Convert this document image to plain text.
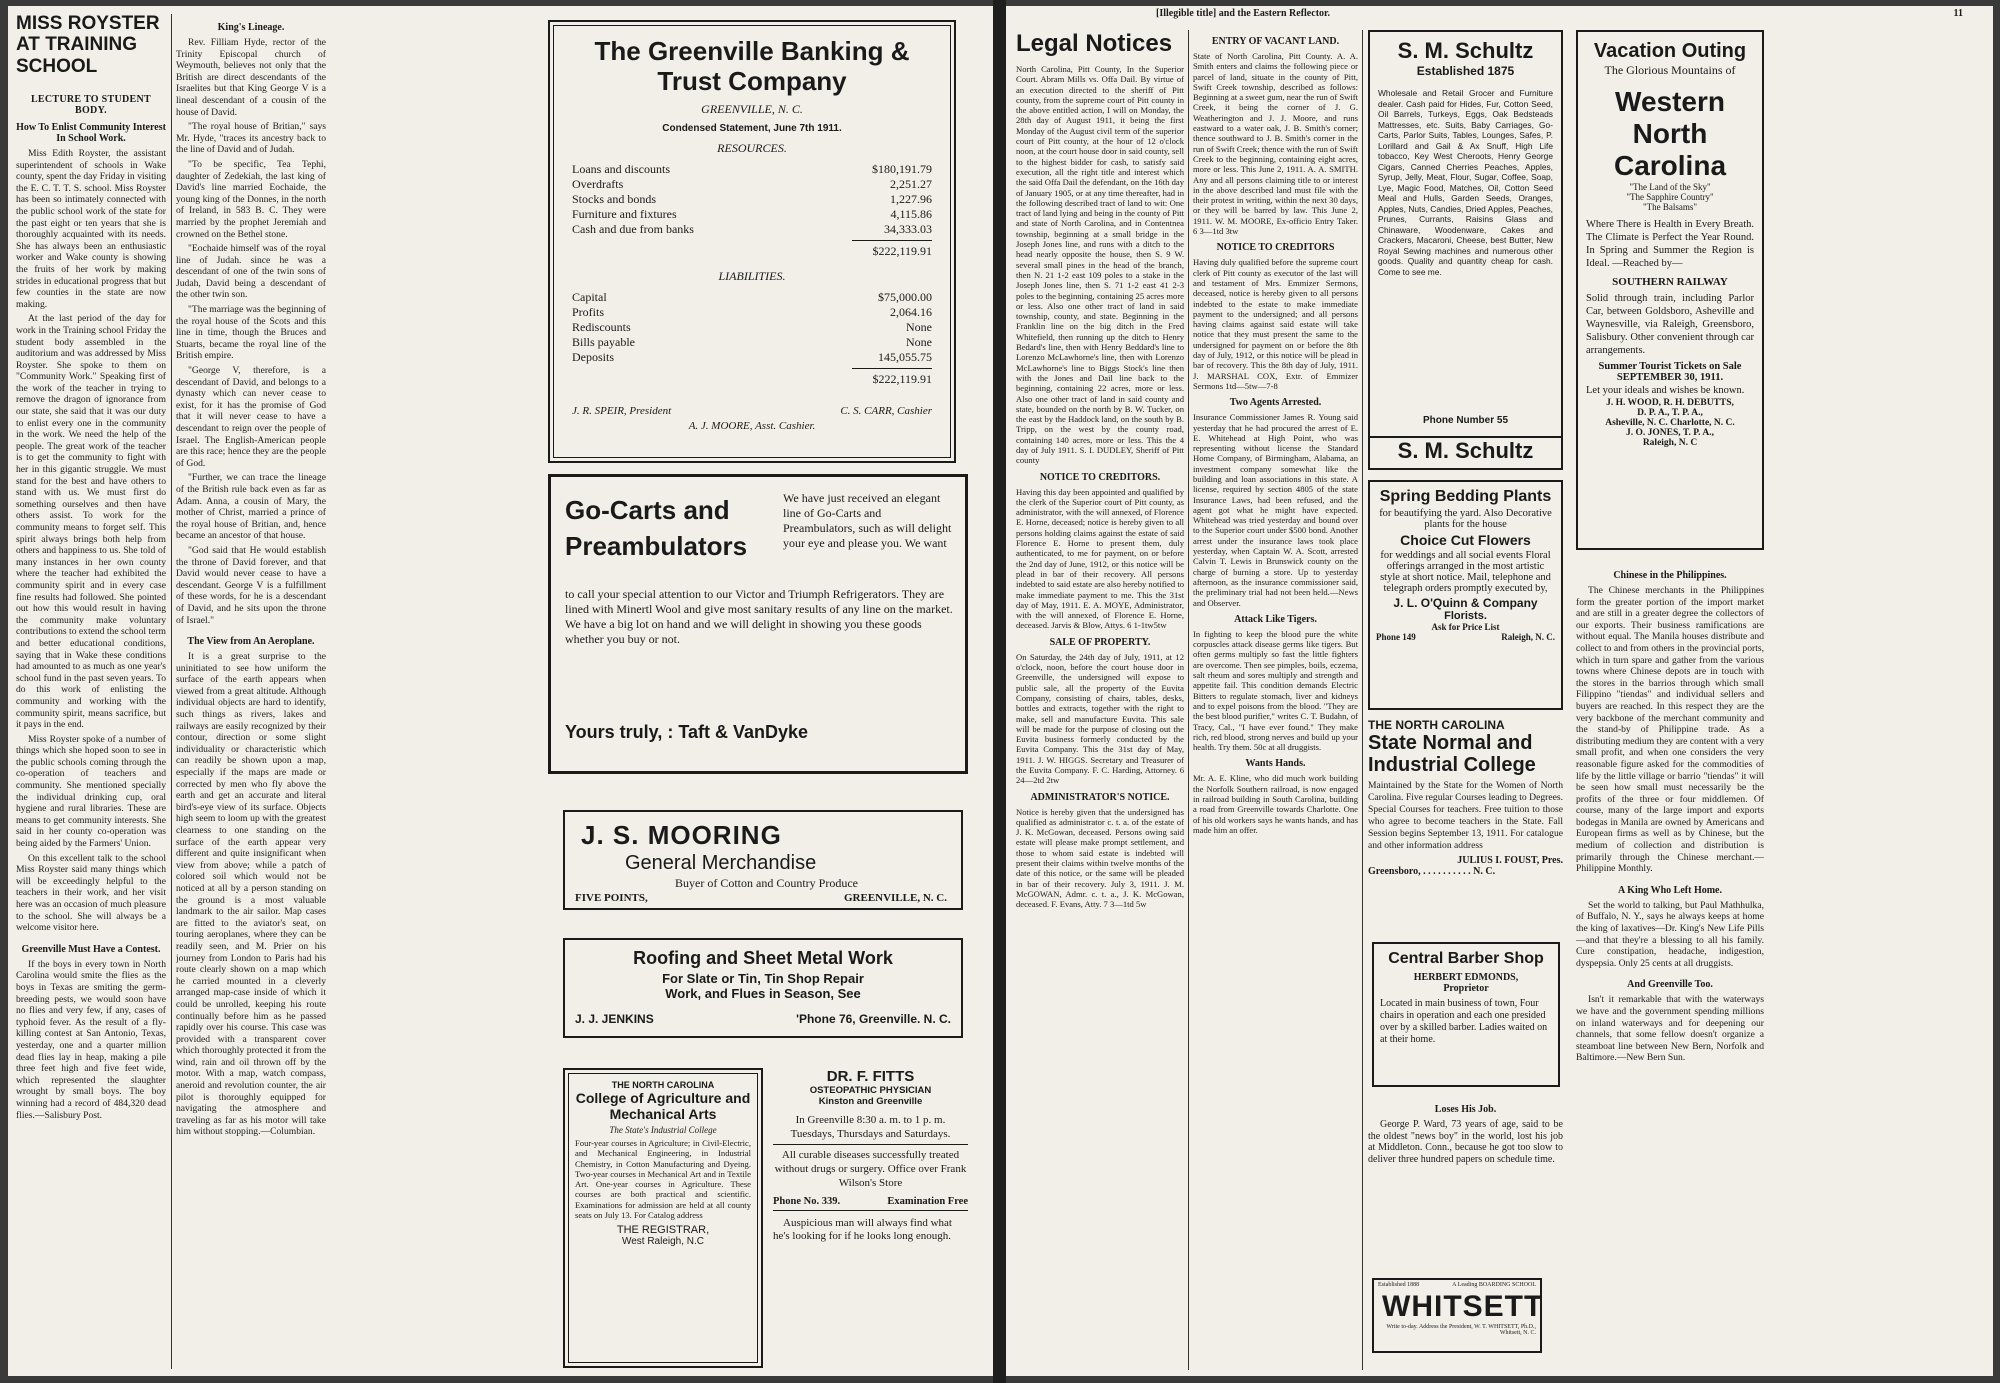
MISS ROYSTER
AT TRAINING SCHOOL
LECTURE TO STUDENT BODY.
How To Enlist Community Interest In School Work.

Miss Edith Royster, the assistant superintendent of schools in Wake county, spent the day Friday in visiting the E. C. T. T. S. school. Miss Royster has been so intimately connected with the public school work of the state for the past eight or ten years that she is thoroughly acquainted with its needs. She has always been an enthusiastic worker and Wake county is showing the fruits of her work by making strides in educational progress that but few counties in the state are now making.

At the last period of the day for work in the Training school Friday the student body assembled in the auditorium and was addressed by Miss Royster. She spoke to them on "Community Work." Speaking first of the work of the teacher in trying to remove the dragon of ignorance from our state, she said that it was our duty to enlist every one in the community in the work. We need the help of the people. The great work of the teacher is to get the community to fight with her in this gigantic struggle. We must stand for the best and have others to stand with us. We must first do something ourselves and then have others assist. To work for the community means to forget self. This spirit always brings both help from others and happiness to us. She told of many instances in her own county where the teacher had exhibited the community spirit and in every case fine results had followed. She pointed out how this would result in having the community make voluntary contributions to extend the school term and better educational conditions, saying that in Wake these conditions had amounted to as much as one year's school fund in the past seven years. To do this work of enlisting the community and working with the community spirit, means sacrifice, but it pays in the end.

Miss Royster spoke of a number of things which she hoped soon to see in the public schools coming through the co-operation of teachers and community. She mentioned specially the individual drinking cup, oral hygiene and rural libraries. These are means to get community interests. She said in her county co-operation was being aided by the Farmers' Union.

On this excellent talk to the school Miss Royster said many things which will be exceedingly helpful to the teachers in their work, and her visit here was an occasion of much pleasure to the school. She will always be a welcome visitor here.

Greenville Must Have a Contest.

If the boys in every town in North Carolina would smite the flies as the boys in Texas are smiting the germ-breeding pests, we would soon have no flies and very few, if any, cases of typhoid fever. As the result of a fly-killing contest at San Antonio, Texas, yesterday, one and a quarter million dead flies lay in heap, making a pile three feet high and five feet wide, which represented the slaughter wrought by small boys. The boy winning had a record of 484,320 dead flies.—Salisbury Post.

King's Lineage.

Rev. Filliam Hyde, rector of the Trinity Episcopal church of Weymouth, believes not only that the British are direct descendants of the Israelites but that King George V is a lineal descendant of a cousin of the house of David.

"The royal house of Britian," says Mr. Hyde, "traces its ancestry back to the line of David and of Judah.

"To be specific, Tea Tephi, daughter of Zedekiah, the last king of David's line married Eochaide, the young king of the Donnes, in the north of Ireland, in 583 B. C. They were married by the prophet Jeremiah and crowned on the Bethel stone.

"Eochaide himself was of the royal line of Judah. since he was a descendant of one of the twin sons of Judah, David being a descendant of the other twin son.

"The marriage was the beginning of the royal house of the Scots and this line in time, though the Bruces and Stuarts, became the royal line of the British empire.

"George V, therefore, is a descendant of David, and belongs to a dynasty which can never cease to exist, for it has the promise of God that it will never cease to have a descendant to reign over the people of Israel. The English-American people are this race; hence they are the people of God.

"Further, we can trace the lineage of the British rule back even as far as Adam. Anna, a cousin of Mary, the mother of Christ, married a prince of the royal house of Britian, and, hence became an ancestor of that house.

"God said that He would establish the throne of David forever, and that David would never cease to have a descendant. George V is a fulfillment of these words, for he is a descendant of David, and he sits upon the throne of Israel."

The View from An Aeroplane.

It is a great surprise to the uninitiated to see how uniform the surface of the earth appears when viewed from a great altitude. Although individual objects are hard to identify, such things as rivers, lakes and railways are easily recognized by their contour, direction or some slight individuality or characteristic which can readily be shown upon a map, especially if the maps are made or corrected by men who fly above the earth and get an accurate and literal bird's-eye view of its surface. Objects high seem to loom up with the greatest clearness to one standing on the surface of the earth appear very different and quite insignificant when view from above; while a patch of colored soil which would not be noticed at all by a person standing on the ground is a most valuable landmark to the air sailor. Map cases are fitted to the aviator's seat, on touring aeroplanes, where they can be readily seen, and M. Prier on his journey from London to Paris had his route clearly shown on a map which he carried mounted in a cleverly arranged map-case inside of which it could be unrolled, keeping his route continually before him as he passed rapidly over his course. This case was provided with a transparent cover which thoroughly protected it from the wind, rain and oil thrown off by the motor. With a map, watch compass, aneroid and revolution counter, the air pilot is thoroughly equipped for navigating the atmosphere and traveling as far as his motor will take him without stopping.—Columbian.

The Greenville Banking &
Trust Company
GREENVILLE, N. C.
Condensed Statement, June 7th 1911.
RESOURCES.
Loans and discounts	$180,191.79
Overdrafts	2,251.27
Stocks and bonds	1,227.96
Furniture and fixtures	4,115.86
Cash and due from banks	34,333.03
$222,119.91
LIABILITIES.
Capital	$75,000.00
Profits	2,064.16
Rediscounts	None
Bills payable	None
Deposits	145,055.75
$222,119.91
J. R. SPEIR, President	C. S. CARR, Cashier
A. J. MOORE, Asst. Cashier.
Go-Carts and
Preambulators
We have just received an elegant line of Go-Carts and Preambulators, such as will delight your eye and please you. We want
to call your special attention to our Victor and Triumph Refrigerators. They are lined with Minertl Wool and give most sanitary results of any line on the market. We have a big lot on hand and we will delight in showing you these goods whether you buy or not.
Yours truly, : Taft & VanDyke
J. S. MOORING
General Merchandise
Buyer of Cotton and Country Produce
FIVE POINTS,	GREENVILLE, N. C.
Roofing and Sheet Metal Work
For Slate or Tin, Tin Shop Repair
Work, and Flues in Season, See
J. J. JENKINS	'Phone 76, Greenville. N. C.
THE NORTH CAROLINA
College of Agriculture and Mechanical Arts
The State's Industrial College
Four-year courses in Agriculture; in Civil-Electric, and Mechanical Engineering, in Industrial Chemistry, in Cotton Manufacturing and Dyeing. Two-year courses in Mechanical Art and in Textile Art. One-year courses in Agriculture. These courses are both practical and scientific. Examinations for admission are held at all county seats on July 13. For Catalog address
THE REGISTRAR,
West Raleigh, N.C
DR. F. FITTS
OSTEOPATHIC PHYSICIAN
Kinston and Greenville
In Greenville 8:30 a. m. to 1 p. m. Tuesdays, Thursdays and Saturdays.
All curable diseases successfully treated without drugs or surgery. Office over Frank Wilson's Store
Phone No. 339.	Examination Free
Auspicious man will always find what he's looking for if he looks long enough.
[Illegible title] and the Eastern Reflector.	11
Legal Notices

North Carolina, Pitt County, In the Superior Court. Abram Mills vs. Offa Dail. By virtue of an execution directed to the sheriff of Pitt county, from the supreme court of Pitt county in the above entitled action, I will on Monday, the 28th day of August 1911, it being the first Monday of the August civil term of the superior court of Pitt county, at the hour of 12 o'clock noon, at the court house door in said county, sell to the highest bidder for cash, to satisfy said execution, all the right title and interest which the said Offa Dail the defendant, on the 16th day of January 1905, or at any time thereafter, had in the following described tract of land to wit: One tract of land lying and being in the county of Pitt and state of North Carolina, and in Contentnea township, beginning at a small bridge in the Joseph Jones line, and runs with a ditch to the head nearly opposite the house, then S. 9 W. several small pines in the head of the branch, then N. 21 1-2 east 109 poles to a stake in the Joseph Jones line, then S. 71 1-2 east 41 2-3 poles to the beginning, containing 25 acres more or less. Also one other tract of land in said township, county, and state. Beginning in the Franklin line on the big ditch in the Fred Whitefield, then running up the ditch to Henry Bedard's line, then with Henry Beddard's line to Lorenzo McLawhorne's line, then with Lorenzo McLawhorne's line to Biggs Stock's line then with the Jones and Dail line back to the beginning, containing 22 acres, more or less. Also one other tract of land in said county and state, bounded on the north by B. W. Tucker, on the east by the Haddock land, on the south by B. Tripp, on the west by the county road, containing 140 acres, more or less. This the 4 day of July 1911. S. I. DUDLEY, Sheriff of Pitt county

NOTICE TO CREDITORS.

Having this day been appointed and qualified by the clerk of the Superior court of Pitt county, as administrator, with the will annexed, of Florence E. Horne, deceased; notice is hereby given to all persons holding claims against the estate of said Florence E. Horne to present them, duly authenticated, to me for payment, on or before the 2nd day of June, 1912, or this notice will be plead in bar of their recovery. All persons indebted to said estate are also hereby notified to make immediate payment to me. This the 31st day of May, 1911. E. A. MOYE, Administrator, with the will annexed, of Florence E. Horne, deceased. Jarvis & Blow, Attys. 6 1-1tw5tw

SALE OF PROPERTY.

On Saturday, the 24th day of July, 1911, at 12 o'clock, noon, before the court house door in Greenville, the undersigned will expose to public sale, all the property of the Euvita Company, consisting of chairs, tables, desks, bottles and extracts, together with the right to make, sell and manufacture Euvita. This sale will be made for the purpose of closing out the Euvita business formerly conducted by the Euvita Company. This the 31st day of May, 1911. J. W. HIGGS. Secretary and Treasurer of the Euvita Company. F. C. Harding, Attorney. 6 24—2td 2tw

ADMINISTRATOR'S NOTICE.

Notice is hereby given that the undersigned has qualified as administrator c. t. a. of the estate of J. K. McGowan, deceased. Persons owing said estate will please make prompt settlement, and those to whom said estate is indebted will present their claims within twelve months of the date of this notice, or the same will be pleaded in bar of their recovery. July 3, 1911. J. M. McGOWAN, Admr. c. t. a., J. K. McGowan, deceased. F. Evans, Atty. 7 3—1td 5w

ENTRY OF VACANT LAND.

State of North Carolina, Pitt County. A. A. Smith enters and claims the following piece or parcel of land, situate in the county of Pitt, Swift Creek township, described as follows: Beginning at a sweet gum, near the run of Swift Creek, it being the corner of J. G. Weatherington and J. J. Moore, and runs eastward to a water oak, J. B. Smith's corner; thence southward to J. B. Smith's corner in the run of Swift Creek; thence with the run of Swift Creek to the beginning, containing eight acres, more or less. This June 2, 1911. A. A. SMITH. Any and all persons claiming title to or interest in the above described land must file with the their protest in writing, within the next 30 days, or they will be barred by law. This June 2, 1911. W. M. MOORE, Ex-officio Entry Taker. 6 3—1td 3tw

NOTICE TO CREDITORS

Having duly qualified before the supreme court clerk of Pitt county as executor of the last will and testament of Mrs. Emmizer Sermons, deceased, notice is hereby given to all persons indebted to the estate to make immediate payment to the undersigned; and all persons having claims against said estate will take notice that they must present the same to the undersigned for payment on or before the 8th day of July, 1912, or this notice will be plead in bar of recovery. This the 8th day of July, 1911. J. MARSHAL COX, Extr. of Emmizer Sermons 1td—5tw—7-8

Two Agents Arrested.

Insurance Commissioner James R. Young said yesterday that he had procured the arrest of E. E. Whitehead at High Point, who was representing without license the Standard Home Company, of Birmingham, Alabama, an investment company somewhat like the building and loan associations in this state. A license, required by section 4805 of the state Insurance Laws, had been refused, and the agent got what he might have expected. Whitehead was tried yesterday and bound over to the Superior court under $500 bond. Another arrest under the insurance laws took place yesterday, when Captain W. A. Scott, arrested Calvin T. Lewis in Brunswick county on the charge of burning a store. Up to yesterday afternoon, as the insurance commissioner said, the preliminary trial had not been held.—News and Observer.

Attack Like Tigers.

In fighting to keep the blood pure the white corpuscles attack disease germs like tigers. But often germs multiply so fast the little fighters are overcome. Then see pimples, boils, eczema, salt rheum and sores multiply and strength and appetite fail. This condition demands Electric Bitters to regulate stomach, liver and kidneys and to expel poisons from the blood. "They are the best blood purifier," writes C. T. Budahn, of Tracy, Cal., "I have ever found." They make rich, red blood, strong nerves and build up your health. Try them. 50c at all druggists.

Wants Hands.

Mr. A. E. Kline, who did much work building the Norfolk Southern railroad, is now engaged in railroad building in South Carolina, building a road from Greenville towards Charlotte. One of his old workers says he wants hands, and has made him an offer.

S. M. Schultz
Established 1875
Wholesale and Retail Grocer and Furniture dealer. Cash paid for Hides, Fur, Cotton Seed, Oil Barrels, Turkeys, Eggs, Oak Bedsteads Mattresses, etc. Suits, Baby Carriages, Go-Carts, Parlor Suits, Tables, Lounges, Safes, P. Lorillard and Gail & Ax Snuff, High Life tobacco, Key West Cheroots, Henry George Cigars, Canned Cherries Peaches, Apples, Syrup, Jelly, Meat, Flour, Sugar, Coffee, Soap, Lye, Magic Food, Matches, Oil, Cotton Seed Meal and Hulls, Garden Seeds, Oranges, Apples, Nuts, Candies, Dried Apples, Peaches, Prunes, Currants, Raisins Glass and Chinaware, Woodenware, Cakes and Crackers, Macaroni, Cheese, best Butter, New Royal Sewing machines and numerous other goods. Quality and quantity cheap for cash. Come to see me.
Phone Number 55
S. M. Schultz
Spring Bedding Plants
for beautifying the yard. Also Decorative plants for the house
Choice Cut Flowers
for weddings and all social events Floral offerings arranged in the most artistic style at short notice. Mail, telephone and telegraph orders promptly executed by,
J. L. O'Quinn & Company
Florists.
Ask for Price List
Phone 149	Raleigh, N. C.
THE NORTH CAROLINA
State Normal and
Industrial College
Maintained by the State for the Women of North Carolina. Five regular Courses leading to Degrees. Special Courses for teachers. Free tuition to those who agree to become teachers in the State. Fall Session begins September 13, 1911. For catalogue and other information address
JULIUS I. FOUST, Pres.
Greensboro, . . . . . . . . . . N. C.
Central Barber Shop
HERBERT EDMONDS,
Proprietor
Located in main business of town, Four chairs in operation and each one presided over by a skilled barber. Ladies waited on at their home.
Loses His Job.

George P. Ward, 73 years of age, said to be the oldest "news boy" in the world, lost his job at Middleton. Conn., because he got too slow to deliver three hundred papers on schedule time.

Established 1888	A Leading BOARDING SCHOOL
WHITSETT
Write to-day. Address the President, W. T. WHITSETT, Ph.D., Whitsett, N. C.
Vacation Outing
The Glorious Mountains of
Western
North
Carolina
"The Land of the Sky"
"The Sapphire Country"
"The Balsams"
Where There is Health in Every Breath. The Climate is Perfect the Year Round. In Spring and Summer the Region is Ideal. —Reached by—
SOUTHERN RAILWAY
Solid through train, including Parlor Car, between Goldsboro, Asheville and Waynesville, via Raleigh, Greensboro, Salisbury. Other convenient through car arrangements.
Summer Tourist Tickets on Sale SEPTEMBER 30, 1911.
Let your ideals and wishes be known.
J. H. WOOD, R. H. DEBUTTS,
D. P. A., T. P. A.,
Asheville, N. C. Charlotte, N. C.
J. O. JONES, T. P. A.,
Raleigh, N. C
Chinese in the Philippines.

The Chinese merchants in the Philippines form the greater portion of the import market and are still in a greater degree the collectors of our exports. Their business ramifications are without equal. The Manila houses distribute and collect to and from others in the provincial ports, which in turn spare and gather from the various towns where Chinese depots are in touch with the stores in the barrios through which small Filippino "tiendas" and individual sellers and buyers are reached. In this respect they are the very backbone of the merchant community and the stand-by of Philippine trade. As a distributing medium they are content with a very small profit, and when one considers the very reasonable figure asked for the commodities of life by the little village or barrio "tiendas" it will be seen how small must necessarily be the profits of the three or four middlemen. Of course, many of the large import and exports bodegas in Manila are owned by Americans and European firms as well as by Chinese, but the medium of collection and distribution is primarily through the Chinese merchant.—Philippine Monthly.

A King Who Left Home.

Set the world to talking, but Paul Mathhulka, of Buffalo, N. Y., says he always keeps at home the king of laxatives—Dr. King's New Life Pills—and that they're a blessing to all his family. Cure constipation, headache, indigestion, dyspepsia. Only 25 cents at all druggists.

And Greenville Too.

Isn't it remarkable that with the waterways we have and the government spending millions on inland waterways and for deepening our channels, that some fellow doesn't organize a steamboat line between New Bern, Norfolk and Baltimore.—New Bern Sun.
